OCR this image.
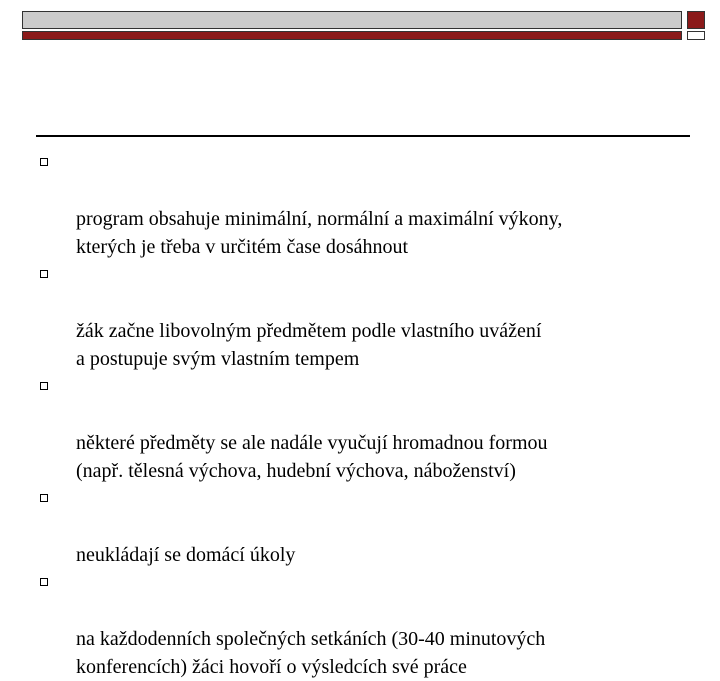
program obsahuje minimální, normální a maximální výkony,
kterých je třeba v určitém čase dosáhnout

žák začne libovolným předmětem podle vlastního uvážení
a postupuje svým vlastním tempem

některé předměty se ale nadále vyučují hromadnou formou
(např. tělesná výchova, hudební výchova, náboženství)

neukládají se domácí úkoly

na každodenních společných setkáních (30-40 minutových
konferencích) žáci hovoří o výsledcích své práce
